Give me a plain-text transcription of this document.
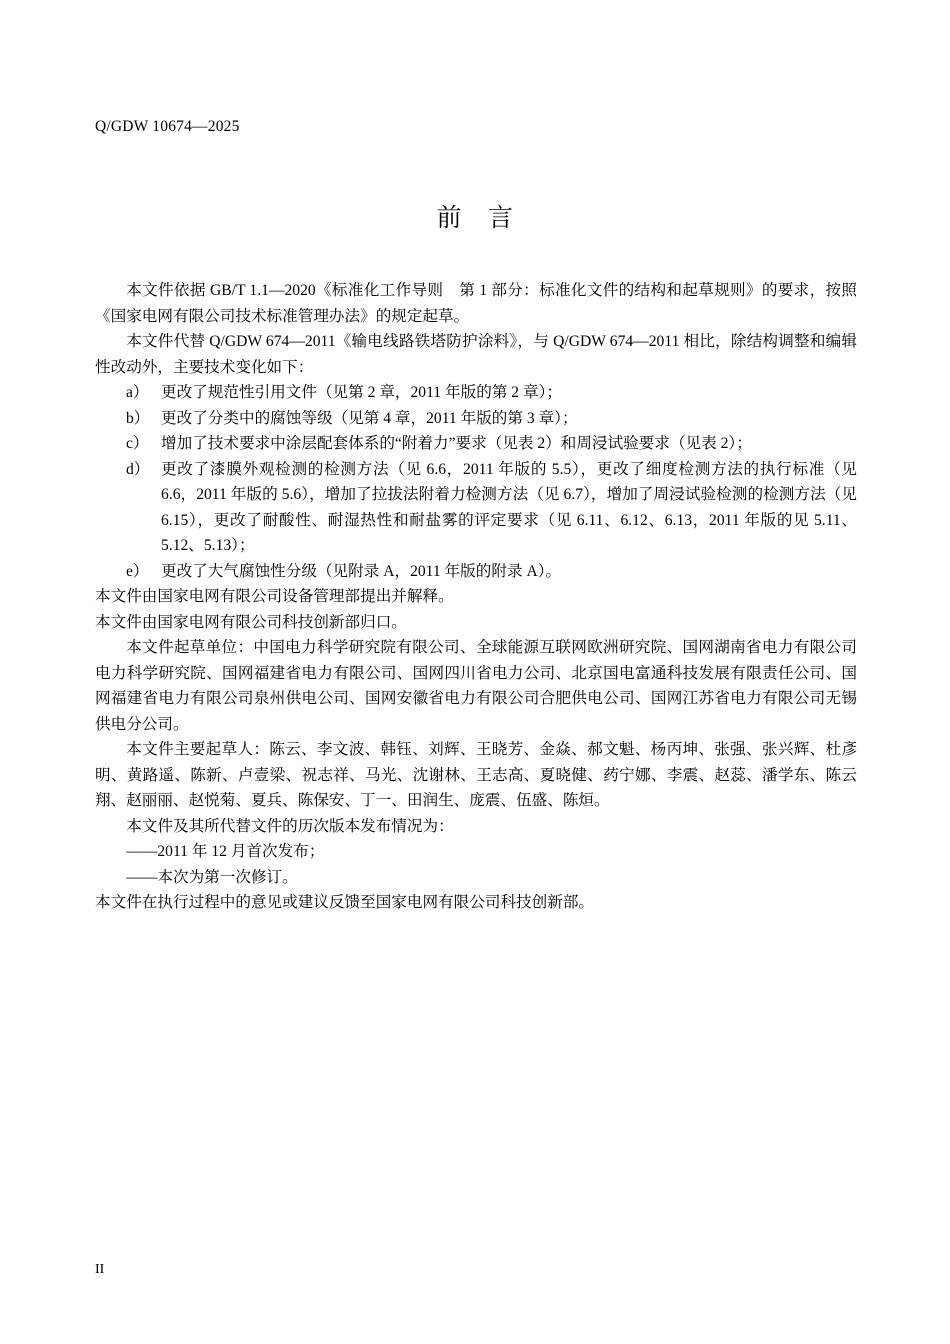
Q/GDW 10674—2025
前 言

本文件依据 GB/T 1.1—2020《标准化工作导则　第 1 部分：标准化文件的结构和起草规则》的要求，按照《国家电网有限公司技术标准管理办法》的规定起草。

本文件代替 Q/GDW 674—2011《输电线路铁塔防护涂料》，与 Q/GDW 674—2011 相比，除结构调整和编辑性改动外，主要技术变化如下：

a） 更改了规范性引用文件（见第 2 章，2011 年版的第 2 章）；
b） 更改了分类中的腐蚀等级（见第 4 章，2011 年版的第 3 章）；
c） 增加了技术要求中涂层配套体系的“附着力”要求（见表 2）和周浸试验要求（见表 2）；
d） 更改了漆膜外观检测的检测方法（见 6.6，2011 年版的 5.5），更改了细度检测方法的执行标准（见 6.6，2011 年版的 5.6），增加了拉拔法附着力检测方法（见 6.7），增加了周浸试验检测的检测方法（见 6.15），更改了耐酸性、耐湿热性和耐盐雾的评定要求（见 6.11、6.12、6.13，2011 年版的见 5.11、5.12、5.13）；
e） 更改了大气腐蚀性分级（见附录 A，2011 年版的附录 A）。

本文件由国家电网有限公司设备管理部提出并解释。

本文件由国家电网有限公司科技创新部归口。

本文件起草单位：中国电力科学研究院有限公司、全球能源互联网欧洲研究院、国网湖南省电力有限公司电力科学研究院、国网福建省电力有限公司、国网四川省电力公司、北京国电富通科技发展有限责任公司、国网福建省电力有限公司泉州供电公司、国网安徽省电力有限公司合肥供电公司、国网江苏省电力有限公司无锡供电分公司。

本文件主要起草人：陈云、李文波、韩钰、刘辉、王晓芳、金焱、郝文魁、杨丙坤、张强、张兴辉、杜彥明、黄路遥、陈新、卢壹梁、祝志祥、马光、沈谢林、王志高、夏晓健、药宁娜、李震、赵蕊、潘学东、陈云翔、赵丽丽、赵悦菊、夏兵、陈保安、丁一、田润生、庞震、伍盛、陈烜。

本文件及其所代替文件的历次版本发布情况为：

——2011 年 12 月首次发布；

——本次为第一次修订。

本文件在执行过程中的意见或建议反馈至国家电网有限公司科技创新部。

II
